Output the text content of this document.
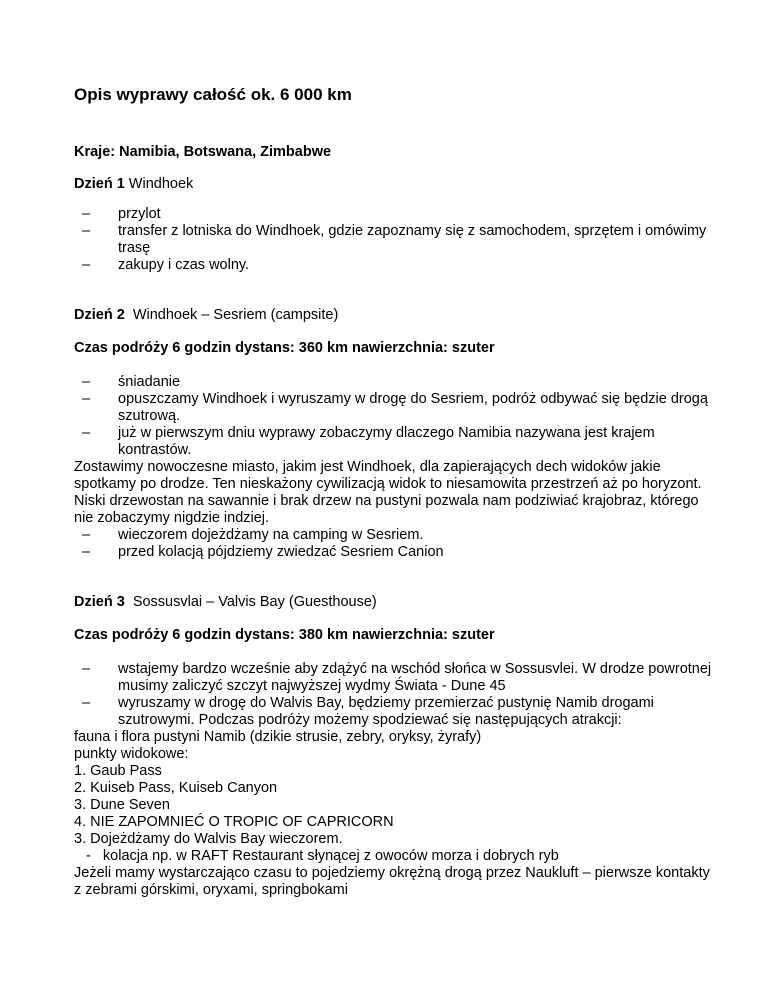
Opis wyprawy całość ok. 6 000 km

Kraje: Namibia, Botswana, Zimbabwe

Dzień 1 Windhoek

–	przylot
–	transfer z lotniska do Windhoek, gdzie zapoznamy się z samochodem, sprzętem i omówimy trasę
–	zakupy i czas wolny.

Dzień 2  Windhoek – Sesriem (campsite)

Czas podróży 6 godzin dystans: 360 km nawierzchnia: szuter

–	śniadanie
–	opuszczamy Windhoek i wyruszamy w drogę do Sesriem, podróż odbywać się będzie drogą szutrową.
–	już w pierwszym dniu wyprawy zobaczymy dlaczego Namibia nazywana jest krajem kontrastów.

Zostawimy nowoczesne miasto, jakim jest Windhoek, dla zapierających dech widoków jakie spotkamy po drodze. Ten nieskażony cywilizacją widok to niesamowita przestrzeń aż po horyzont. Niski drzewostan na sawannie i brak drzew na pustyni pozwala nam podziwiać krajobraz, którego nie zobaczymy nigdzie indziej.

–	wieczorem dojeżdżamy na camping w Sesriem.
–	przed kolacją pójdziemy zwiedzać Sesriem Canion

Dzień 3  Sossusvlai – Valvis Bay (Guesthouse)

Czas podróży 6 godzin dystans: 380 km nawierzchnia: szuter

–	wstajemy bardzo wcześnie aby zdążyć na wschód słońca w Sossusvlei. W drodze powrotnej musimy zaliczyć szczyt najwyższej wydmy Świata - Dune 45
–	wyruszamy w drogę do Walvis Bay, będziemy przemierzać pustynię Namib drogami szutrowymi. Podczas podróży możemy spodziewać się następujących atrakcji:

fauna i flora pustyni Namib (dzikie strusie, zebry, oryksy, żyrafy)

punkty widokowe:

1. Gaub Pass

2. Kuiseb Pass, Kuiseb Canyon

3. Dune Seven

4. NIE ZAPOMNIEĆ O TROPIC OF CAPRICORN

3. Dojeżdżamy do Walvis Bay wieczorem.

-   kolacja np. w RAFT Restaurant słynącej z owoców morza i dobrych ryb

Jeżeli mamy wystarczająco czasu to pojedziemy okrężną drogą przez Naukluft – pierwsze kontakty z zebrami górskimi, oryxami, springbokami
